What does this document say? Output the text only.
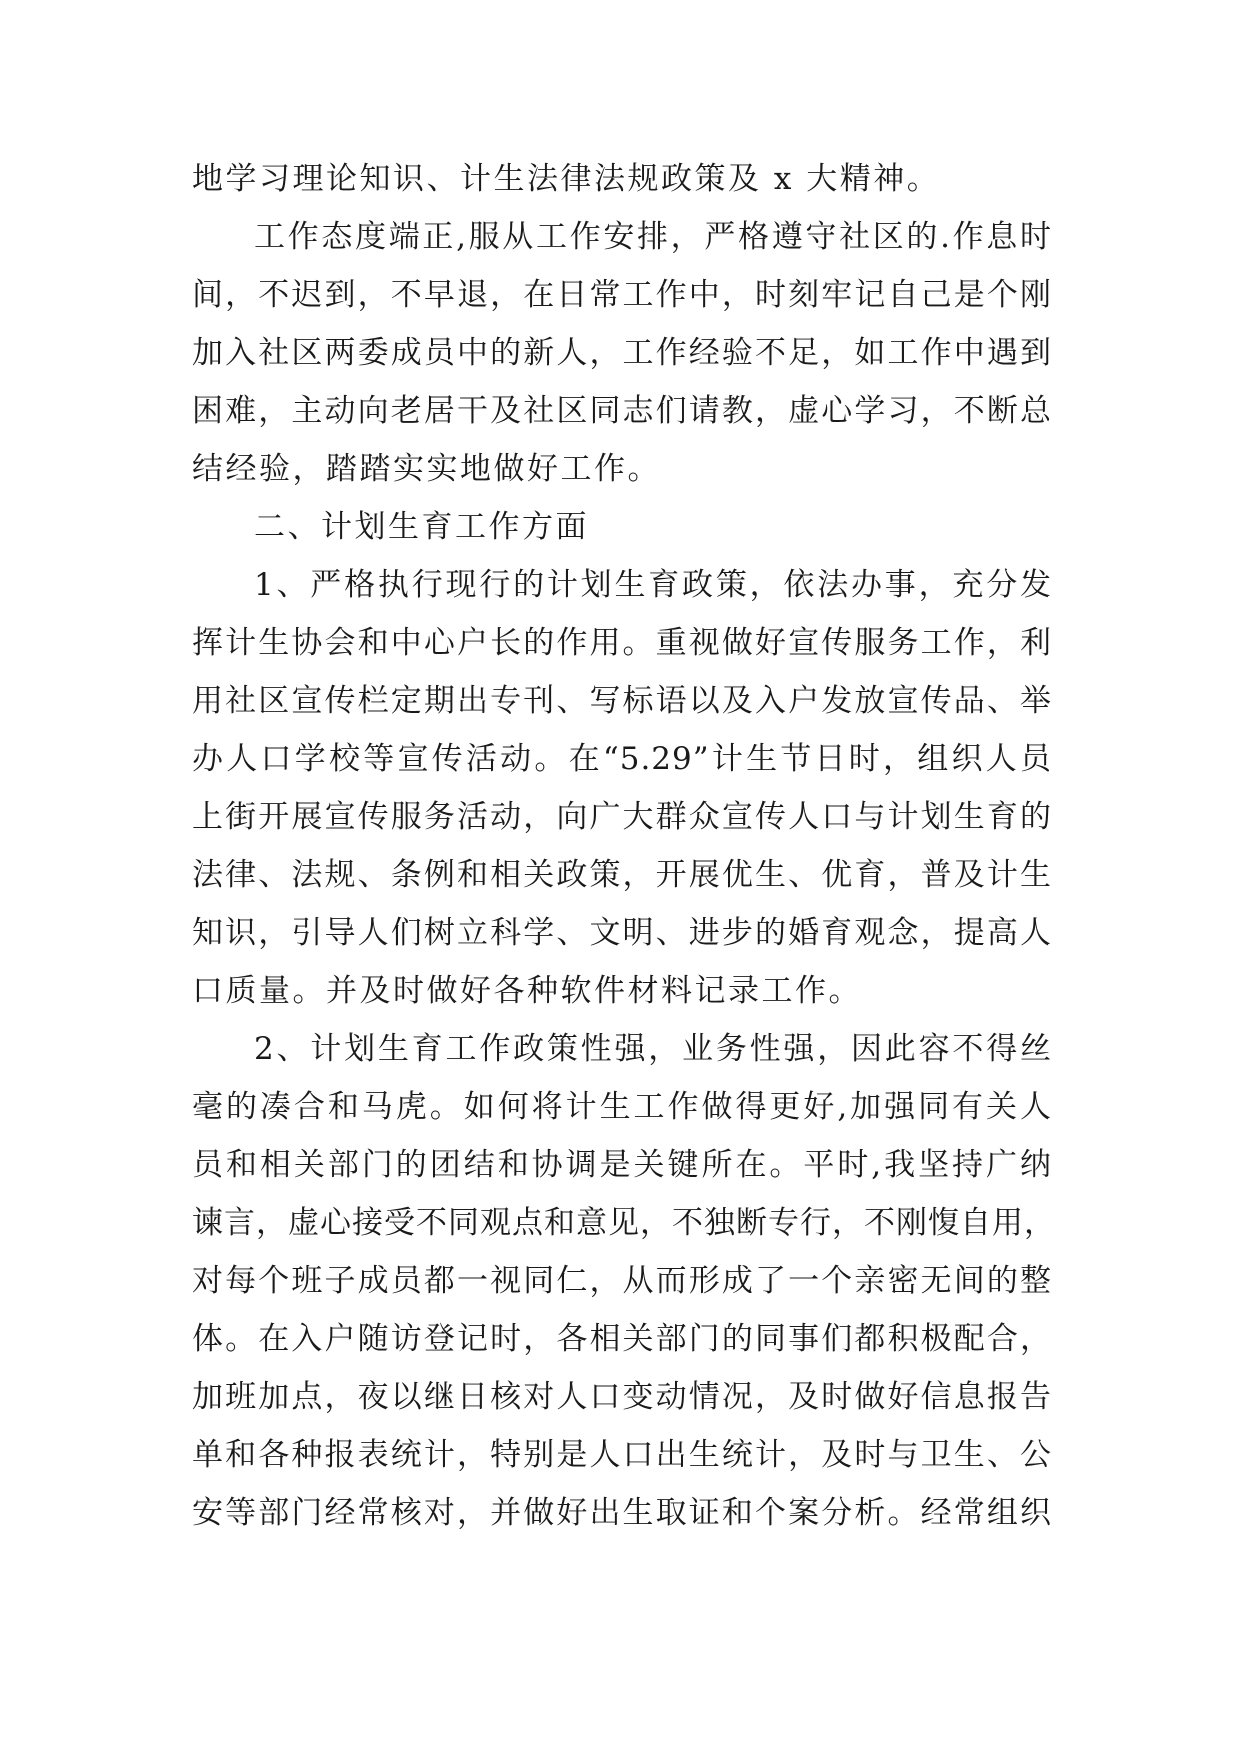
地学习理论知识、计生法律法规政策及 x 大精神。
工作态度端正,服从工作安排，严格遵守社区的.作息时
间，不迟到，不早退，在日常工作中，时刻牢记自己是个刚
加入社区两委成员中的新人，工作经验不足，如工作中遇到
困难，主动向老居干及社区同志们请教，虚心学习，不断总
结经验，踏踏实实地做好工作。
二、计划生育工作方面
1、严格执行现行的计划生育政策，依法办事，充分发
挥计生协会和中心户长的作用。重视做好宣传服务工作，利
用社区宣传栏定期出专刊、写标语以及入户发放宣传品、举
办人口学校等宣传活动。在“5.29”计生节日时，组织人员
上街开展宣传服务活动，向广大群众宣传人口与计划生育的
法律、法规、条例和相关政策，开展优生、优育，普及计生
知识，引导人们树立科学、文明、进步的婚育观念，提高人
口质量。并及时做好各种软件材料记录工作。
2、计划生育工作政策性强，业务性强，因此容不得丝
毫的凑合和马虎。如何将计生工作做得更好,加强同有关人
员和相关部门的团结和协调是关键所在。平时,我坚持广纳
谏言，虚心接受不同观点和意见，不独断专行，不刚愎自用，
对每个班子成员都一视同仁，从而形成了一个亲密无间的整
体。在入户随访登记时，各相关部门的同事们都积极配合，
加班加点，夜以继日核对人口变动情况，及时做好信息报告
单和各种报表统计，特别是人口出生统计，及时与卫生、公
安等部门经常核对，并做好出生取证和个案分析。经常组织
